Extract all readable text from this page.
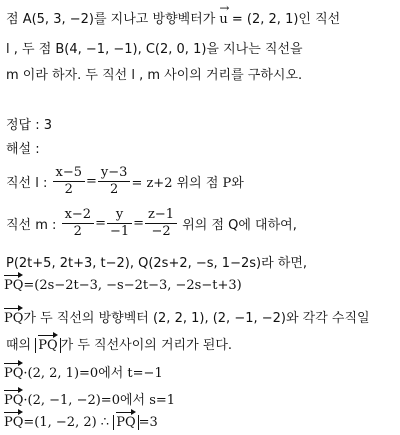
점 A(5, 3, −2)를 지나고 방향벡터가
→
u = (2, 2, 1)인 직선
l , 두 점 B(4, −1, −1), C(2, 0, 1)을 지나는 직선을
m 이라 하자. 두 직선 l , m 사이의 거리를 구하시오.
정답 : 3
해설 :
직선 l : $\frac{x-5}{2} = \frac{y-3}{2} = z+2$ 위의 점 P와
직선 m : $\frac{x-2}{2} = \frac{y}{-1} = \frac{z-1}{-2}$ 위의 점 Q에 대하여,
P(2t+5, 2t+3, t−2), Q(2s+2, −s, 1−2s)라 하면,
PQ=(2s−2t−3, −s−2t−3, −2s−t+3)
PQ가 두 직선의 방향벡터 (2, 2, 1), (2, −1, −2)와 각각 수직일
때의 PQ 가 두 직선사이의 거리가 된다.
PQ·(2, 2, 1)=0에서 t=−1
PQ·(2, −1, −2)=0에서 s=1
PQ=(1, −2, 2) ∴ PQ =3
